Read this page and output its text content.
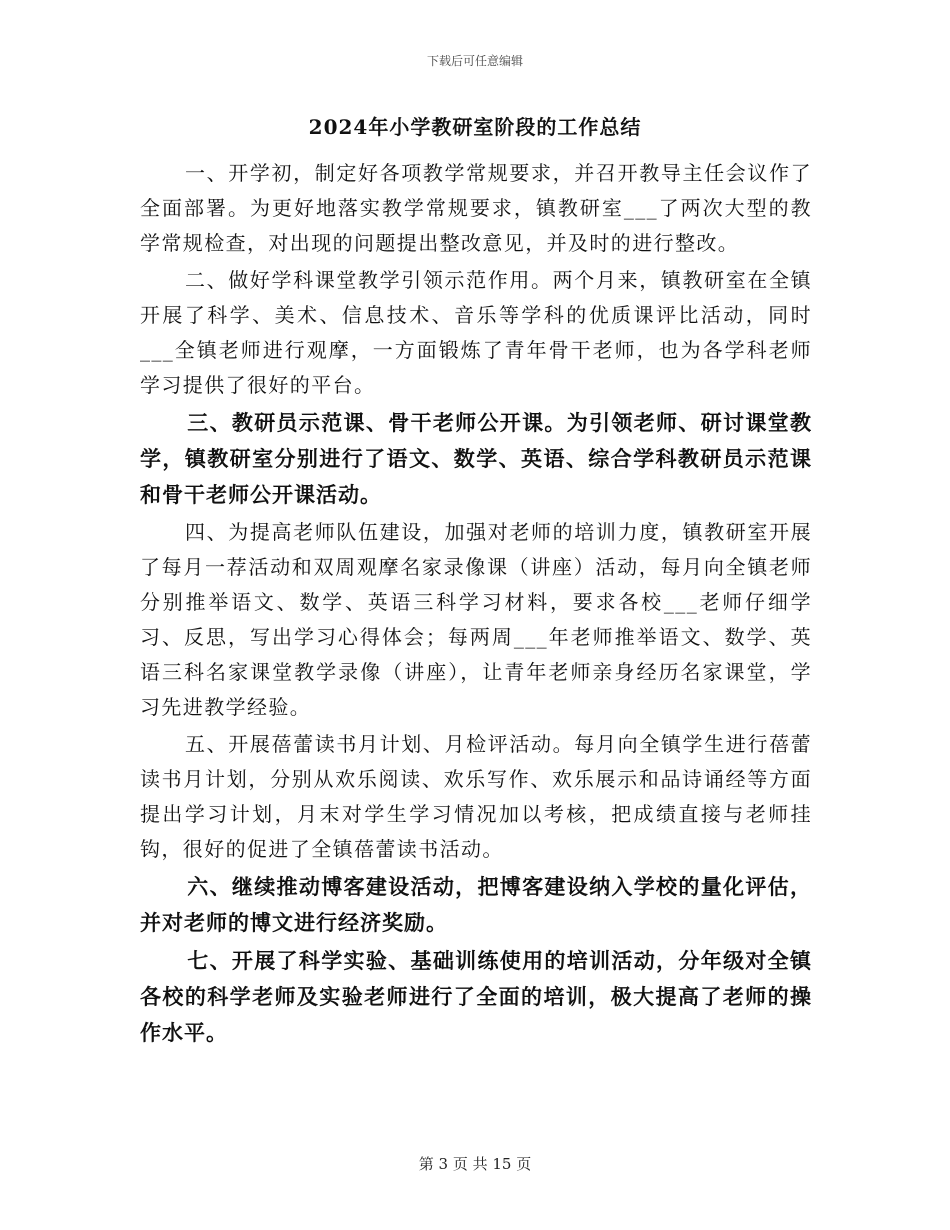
下载后可任意编辑
2024年小学教研室阶段的工作总结

一、开学初，制定好各项教学常规要求，并召开教导主任会议作了全面部署。为更好地落实教学常规要求，镇教研室___了两次大型的教学常规检查，对出现的问题提出整改意见，并及时的进行整改。

二、做好学科课堂教学引领示范作用。两个月来，镇教研室在全镇开展了科学、美术、信息技术、音乐等学科的优质课评比活动，同时___全镇老师进行观摩，一方面锻炼了青年骨干老师，也为各学科老师学习提供了很好的平台。

三、教研员示范课、骨干老师公开课。为引领老师、研讨课堂教学，镇教研室分别进行了语文、数学、英语、综合学科教研员示范课和骨干老师公开课活动。

四、为提高老师队伍建设，加强对老师的培训力度，镇教研室开展了每月一荐活动和双周观摩名家录像课（讲座）活动，每月向全镇老师分别推举语文、数学、英语三科学习材料，要求各校___老师仔细学习、反思，写出学习心得体会；每两周___年老师推举语文、数学、英语三科名家课堂教学录像（讲座），让青年老师亲身经历名家课堂，学习先进教学经验。

五、开展蓓蕾读书月计划、月检评活动。每月向全镇学生进行蓓蕾读书月计划，分别从欢乐阅读、欢乐写作、欢乐展示和品诗诵经等方面提出学习计划，月末对学生学习情况加以考核，把成绩直接与老师挂钩，很好的促进了全镇蓓蕾读书活动。

六、继续推动博客建设活动，把博客建设纳入学校的量化评估，并对老师的博文进行经济奖励。

七、开展了科学实验、基础训练使用的培训活动，分年级对全镇各校的科学老师及实验老师进行了全面的培训，极大提高了老师的操作水平。

第 3 页 共 15 页
